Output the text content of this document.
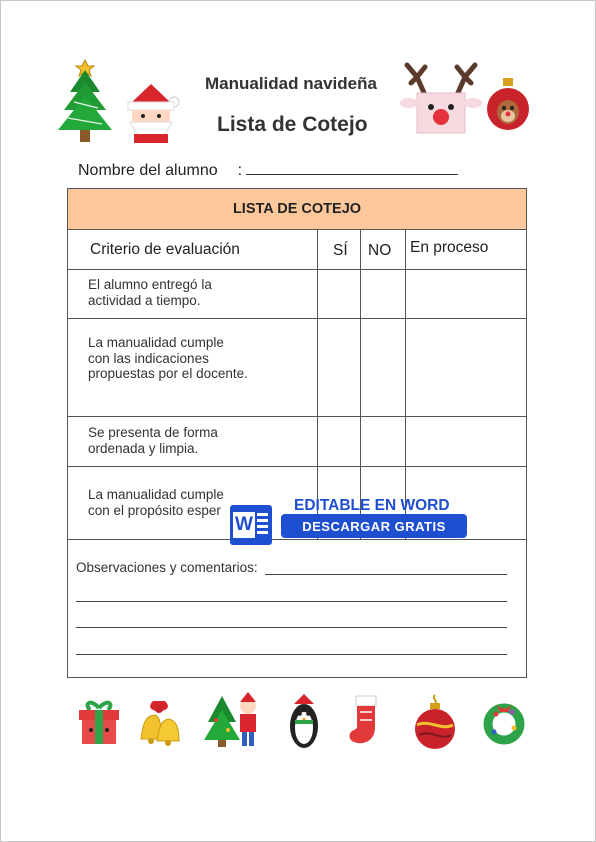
Manualidad navideña
Lista de Cotejo
Nombre del alumno :
LISTA DE COTEJO
Criterio de evaluación	SÍ NO En proceso
El alumno entregó la
actividad a tiempo.
La manualidad cumple
con las indicaciones
propuestas por el docente.
Se presenta de forma
ordenada y limpia.
La manualidad cumple
con el propósito esper
Observaciones y comentarios:
W
EDITABLE EN WORD
DESCARGAR GRATIS
